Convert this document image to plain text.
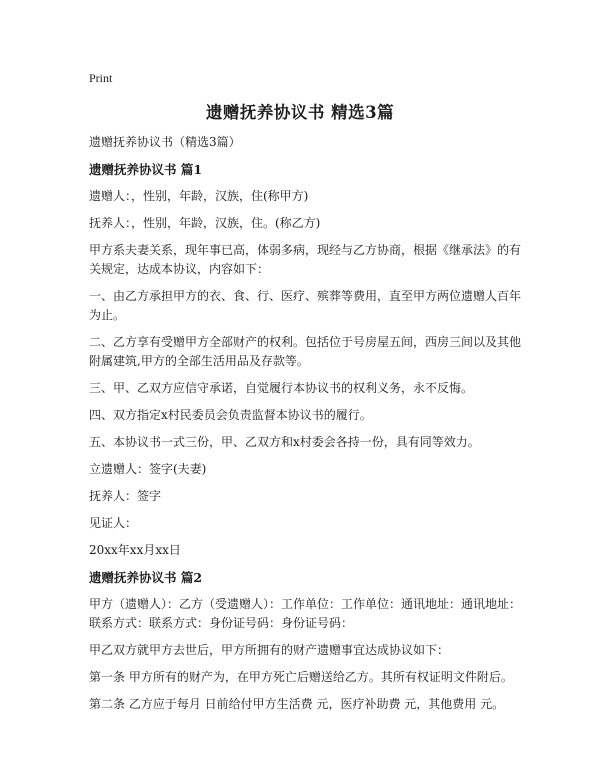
Print
遗赠抚养协议书 精选3篇

遗赠抚养协议书（精选3篇）

遗赠抚养协议书 篇1

遗赠人：，性别，年龄，汉族，住(称甲方)

抚养人：，性别，年龄，汉族，住。(称乙方)

甲方系夫妻关系，现年事已高，体弱多病，现经与乙方协商，根据《继承法》的有关规定，达成本协议，内容如下：

一、由乙方承担甲方的衣、食、行、医疗、殡葬等费用，直至甲方两位遗赠人百年为止。

二、乙方享有受赠甲方全部财产的权利。包括位于号房屋五间，西房三间以及其他附属建筑,甲方的全部生活用品及存款等。

三、甲、乙双方应信守承诺，自觉履行本协议书的权利义务，永不反悔。

四、双方指定x村民委员会负责监督本协议书的履行。

五、本协议书一式三份，甲、乙双方和x村委会各持一份，具有同等效力。

立遗赠人：签字(夫妻)

抚养人：签字

见证人：

20xx年xx月xx日

遗赠抚养协议书 篇2

甲方（遗赠人）：乙方（受遗赠人）：工作单位：工作单位：通讯地址：通讯地址：联系方式：联系方式：身份证号码：身份证号码：

甲乙双方就甲方去世后，甲方所拥有的财产遗赠事宜达成协议如下：

第一条 甲方所有的财产为，在甲方死亡后赠送给乙方。其所有权证明文件附后。

第二条 乙方应于每月 日前给付甲方生活费 元，医疗补助费 元，其他费用 元。
